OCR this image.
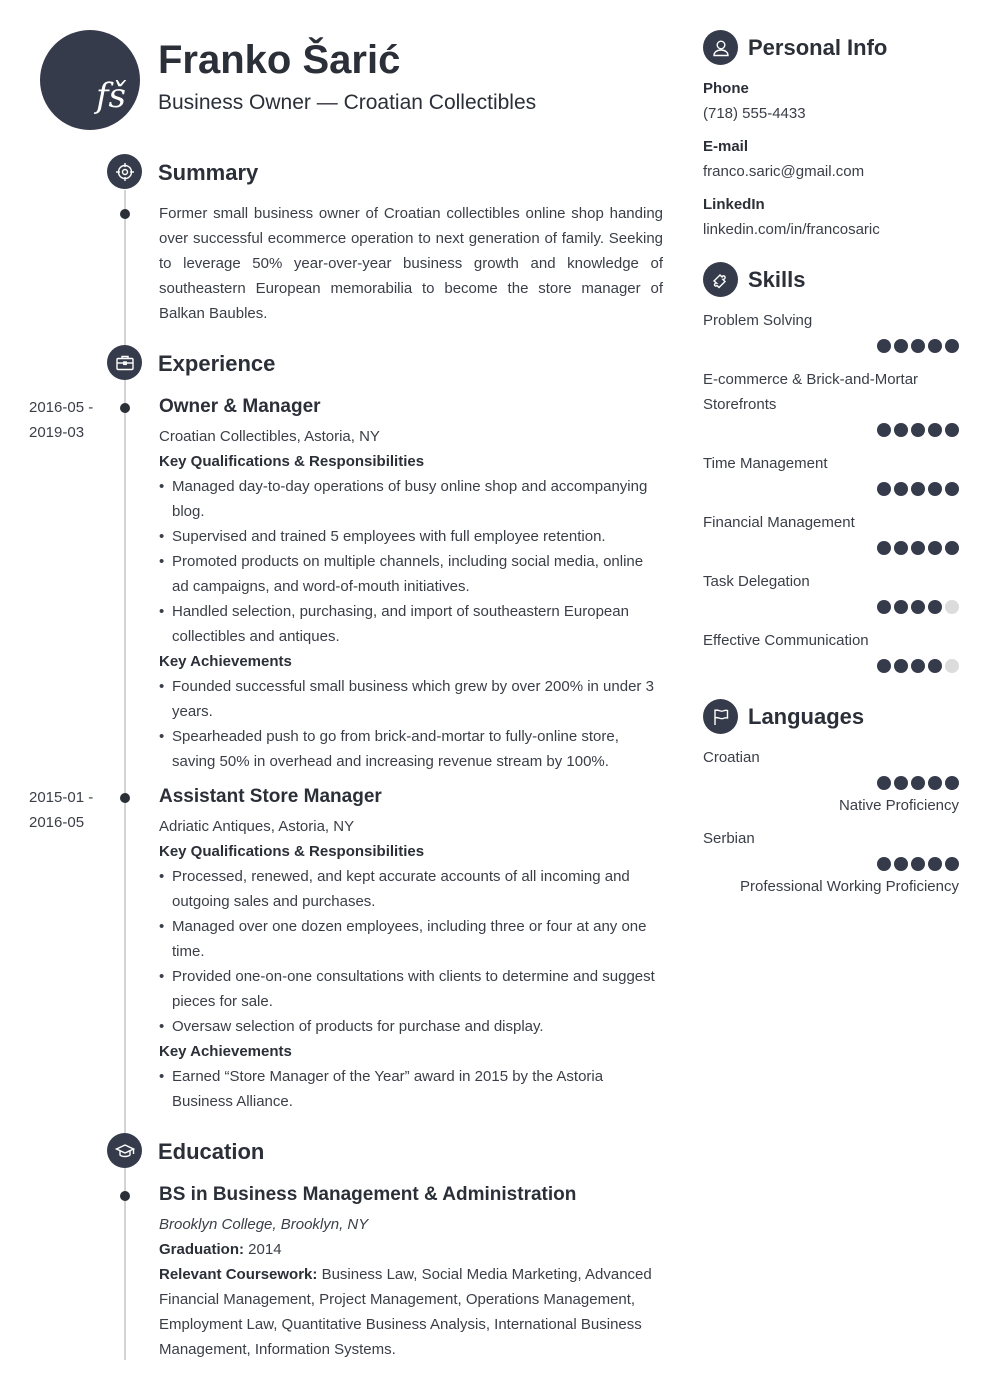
fš
Franko Šarić
Business Owner — Croatian Collectibles
Summary
Former small business owner of Croatian collectibles online shop handing over successful ecommerce operation to next generation of family. Seeking to leverage 50% year-over-year business growth and knowledge of southeastern European memorabilia to become the store manager of Balkan Baubles.
Experience
2016-05 -
2019-03
Owner & Manager
Croatian Collectibles, Astoria, NY
Key Qualifications & Responsibilities
• Managed day-to-day operations of busy online shop and accompanying blog.
• Supervised and trained 5 employees with full employee retention.
• Promoted products on multiple channels, including social media, online ad campaigns, and word-of-mouth initiatives.
• Handled selection, purchasing, and import of southeastern European collectibles and antiques.
Key Achievements
• Founded successful small business which grew by over 200% in under 3 years.
• Spearheaded push to go from brick-and-mortar to fully-online store, saving 50% in overhead and increasing revenue stream by 100%.
2015-01 -
2016-05
Assistant Store Manager
Adriatic Antiques, Astoria, NY
Key Qualifications & Responsibilities
• Processed, renewed, and kept accurate accounts of all incoming and outgoing sales and purchases.
• Managed over one dozen employees, including three or four at any one time.
• Provided one-on-one consultations with clients to determine and suggest pieces for sale.
• Oversaw selection of products for purchase and display.
Key Achievements
• Earned “Store Manager of the Year” award in 2015 by the Astoria Business Alliance.
Education
BS in Business Management & Administration
Brooklyn College, Brooklyn, NY
Graduation: 2014
Relevant Coursework: Business Law, Social Media Marketing, Advanced Financial Management, Project Management, Operations Management, Employment Law, Quantitative Business Analysis, International Business Management, Information Systems.
Personal Info
Phone
(718) 555-4433
E-mail
franco.saric@gmail.com
LinkedIn
linkedin.com/in/francosaric
Skills
Problem Solving
E-commerce & Brick-and-Mortar Storefronts
Time Management
Financial Management
Task Delegation
Effective Communication
Languages
Croatian
Native Proficiency
Serbian
Professional Working Proficiency
